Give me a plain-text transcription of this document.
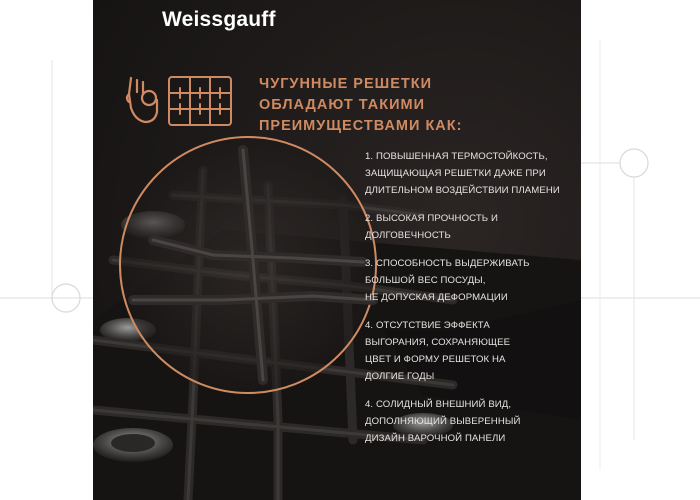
Weissgauff
ЧУГУННЫЕ РЕШЕТКИ
ОБЛАДАЮТ ТАКИМИ
ПРЕИМУЩЕСТВАМИ КАК:
1. ПОВЫШЕННАЯ ТЕРМОСТОЙКОСТЬ,
ЗАЩИЩАЮЩАЯ РЕШЕТКИ ДАЖЕ ПРИ
ДЛИТЕЛЬНОМ ВОЗДЕЙСТВИИ ПЛАМЕНИ
2. ВЫСОКАЯ ПРОЧНОСТЬ И
ДОЛГОВЕЧНОСТЬ
3. СПОСОБНОСТЬ ВЫДЕРЖИВАТЬ
БОЛЬШОЙ ВЕС ПОСУДЫ,
НЕ ДОПУСКАЯ ДЕФОРМАЦИИ
4. ОТСУТСТВИЕ ЭФФЕКТА
ВЫГОРАНИЯ, СОХРАНЯЮЩЕЕ
ЦВЕТ И ФОРМУ РЕШЕТОК НА
ДОЛГИЕ ГОДЫ
4. СОЛИДНЫЙ ВНЕШНИЙ ВИД,
ДОПОЛНЯЮЩИЙ ВЫВЕРЕННЫЙ
ДИЗАЙН ВАРОЧНОЙ ПАНЕЛИ
